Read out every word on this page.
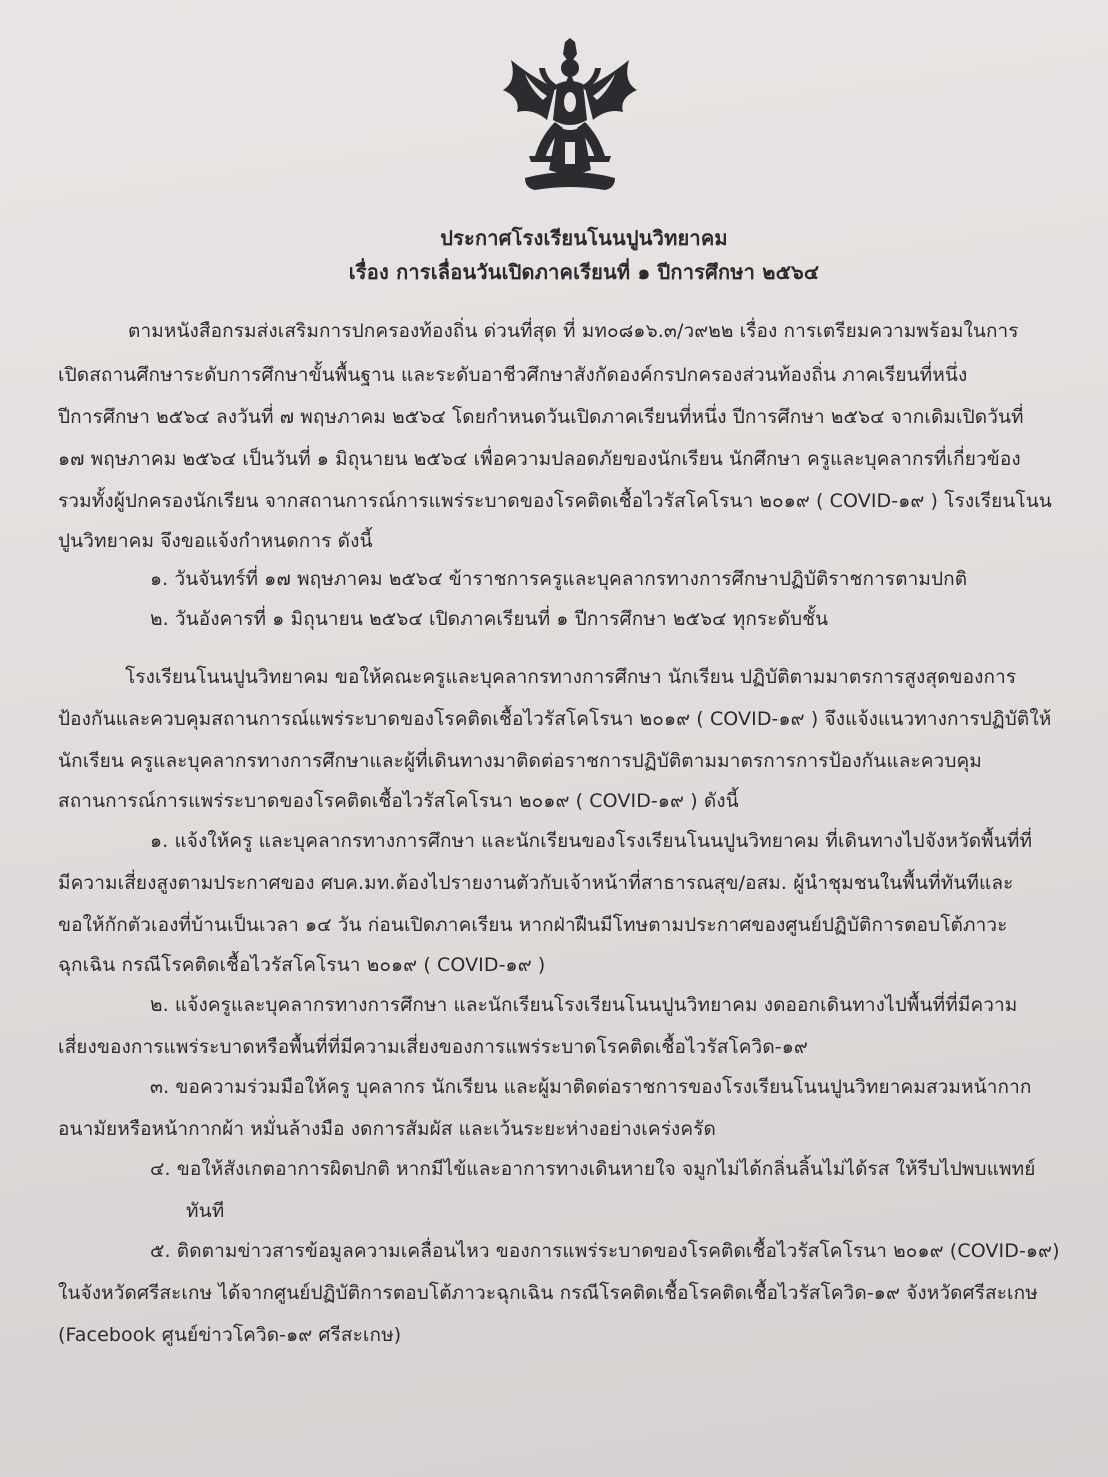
ประกาศโรงเรียนโนนปูนวิทยาคม
เรื่อง การเลื่อนวันเปิดภาคเรียนที่ ๑ ปีการศึกษา ๒๕๖๔
ตามหนังสือกรมส่งเสริมการปกครองท้องถิ่น ด่วนที่สุด ที่ มท๐๘๑๖.๓/ว๙๒๒ เรื่อง การเตรียมความพร้อมในการ
เปิดสถานศึกษาระดับการศึกษาขั้นพื้นฐาน และระดับอาชีวศึกษาสังกัดองค์กรปกครองส่วนท้องถิ่น ภาคเรียนที่หนึ่ง
ปีการศึกษา ๒๕๖๔ ลงวันที่ ๗ พฤษภาคม ๒๕๖๔ โดยกำหนดวันเปิดภาคเรียนที่หนึ่ง ปีการศึกษา ๒๕๖๔ จากเดิมเปิดวันที่
๑๗ พฤษภาคม ๒๕๖๔ เป็นวันที่ ๑ มิถุนายน ๒๕๖๔ เพื่อความปลอดภัยของนักเรียน นักศึกษา ครูและบุคลากรที่เกี่ยวข้อง
รวมทั้งผู้ปกครองนักเรียน จากสถานการณ์การแพร่ระบาดของโรคติดเชื้อไวรัสโคโรนา ๒๐๑๙ ( COVID-๑๙ ) โรงเรียนโนน
ปูนวิทยาคม จึงขอแจ้งกำหนดการ ดังนี้
๑. วันจันทร์ที่ ๑๗ พฤษภาคม ๒๕๖๔ ข้าราชการครูและบุคลากรทางการศึกษาปฏิบัติราชการตามปกติ
๒. วันอังคารที่ ๑ มิถุนายน ๒๕๖๔ เปิดภาคเรียนที่ ๑ ปีการศึกษา ๒๕๖๔ ทุกระดับชั้น
โรงเรียนโนนปูนวิทยาคม ขอให้คณะครูและบุคลากรทางการศึกษา นักเรียน ปฏิบัติตามมาตรการสูงสุดของการ
ป้องกันและควบคุมสถานการณ์แพร่ระบาดของโรคติดเชื้อไวรัสโคโรนา ๒๐๑๙ ( COVID-๑๙ ) จึงแจ้งแนวทางการปฏิบัติให้
นักเรียน ครูและบุคลากรทางการศึกษาและผู้ที่เดินทางมาติดต่อราชการปฏิบัติตามมาตรการการป้องกันและควบคุม
สถานการณ์การแพร่ระบาดของโรคติดเชื้อไวรัสโคโรนา ๒๐๑๙ ( COVID-๑๙ ) ดังนี้
๑. แจ้งให้ครู และบุคลากรทางการศึกษา และนักเรียนของโรงเรียนโนนปูนวิทยาคม ที่เดินทางไปจังหวัดพื้นที่ที่
มีความเสี่ยงสูงตามประกาศของ ศบค.มท.ต้องไปรายงานตัวกับเจ้าหน้าที่สาธารณสุข/อสม. ผู้นำชุมชนในพื้นที่ทันทีและ
ขอให้กักตัวเองที่บ้านเป็นเวลา ๑๔ วัน ก่อนเปิดภาคเรียน หากฝ่าฝืนมีโทษตามประกาศของศูนย์ปฏิบัติการตอบโต้ภาวะ
ฉุกเฉิน กรณีโรคติดเชื้อไวรัสโคโรนา ๒๐๑๙ ( COVID-๑๙ )
๒. แจ้งครูและบุคลากรทางการศึกษา และนักเรียนโรงเรียนโนนปูนวิทยาคม งดออกเดินทางไปพื้นที่ที่มีความ
เสี่ยงของการแพร่ระบาดหรือพื้นที่ที่มีความเสี่ยงของการแพร่ระบาดโรคติดเชื้อไวรัสโควิด-๑๙
๓. ขอความร่วมมือให้ครู บุคลากร นักเรียน และผู้มาติดต่อราชการของโรงเรียนโนนปูนวิทยาคมสวมหน้ากาก
อนามัยหรือหน้ากากผ้า หมั่นล้างมือ งดการสัมผัส และเว้นระยะห่างอย่างเคร่งครัด
๔. ขอให้สังเกตอาการผิดปกติ หากมีไข้และอาการทางเดินหายใจ จมูกไม่ได้กลิ่นลิ้นไม่ได้รส ให้รีบไปพบแพทย์
ทันที
๕. ติดตามข่าวสารข้อมูลความเคลื่อนไหว ของการแพร่ระบาดของโรคติดเชื้อไวรัสโคโรนา ๒๐๑๙ (COVID-๑๙)
ในจังหวัดศรีสะเกษ ได้จากศูนย์ปฏิบัติการตอบโต้ภาวะฉุกเฉิน กรณีโรคติดเชื้อโรคติดเชื้อไวรัสโควิด-๑๙ จังหวัดศรีสะเกษ
(Facebook ศูนย์ข่าวโควิด-๑๙ ศรีสะเกษ)
